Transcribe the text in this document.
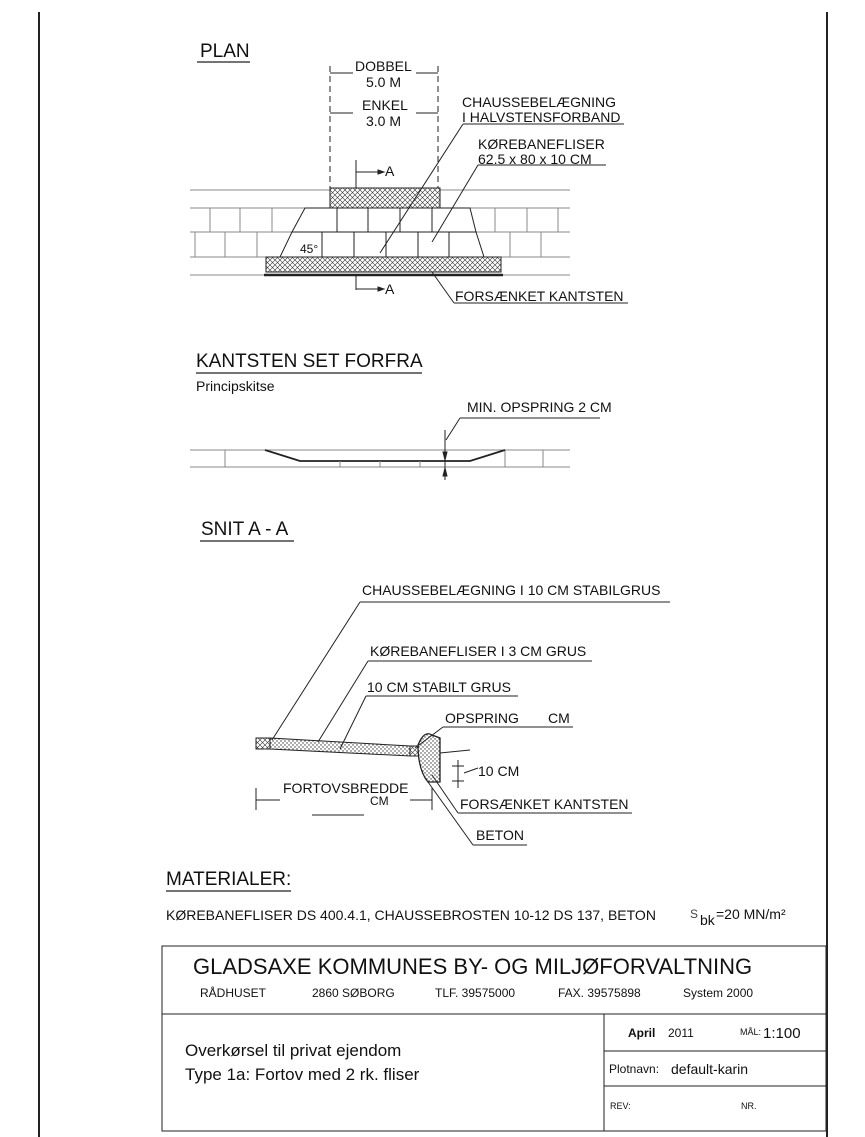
PLAN
DOBBEL
5.0 M
ENKEL
3.0 M
A
A
45°
CHAUSSEBELÆGNING
I HALVSTENSFORBAND
KØREBANEFLISER
62.5 x 80 x 10 CM
FORSÆNKET KANTSTEN
KANTSTEN SET FORFRA
Principskitse
MIN. OPSPRING 2 CM
SNIT A - A
CHAUSSEBELÆGNING I 10 CM STABILGRUS
KØREBANEFLISER I 3 CM GRUS
10 CM STABILT GRUS
OPSPRING CM
10 CM
FORTOVSBREDDE
CM	FORSÆNKET KANTSTEN
BETON
MATERIALER:
KØREBANEFLISER DS 400.4.1, CHAUSSEBROSTEN 10-12 DS 137, BETON	S bk =20 MN/m²
GLADSAXE KOMMUNES BY- OG MILJØFORVALTNING
RÅDHUSET	2860 SØBORG	TLF. 39575000	FAX. 39575898	System 2000
Overkørsel til privat ejendom
Type 1a: Fortov med 2 rk. fliser
April 2011	MÅL: 1:100
Plotnavn: default-karin
REV:	NR.
